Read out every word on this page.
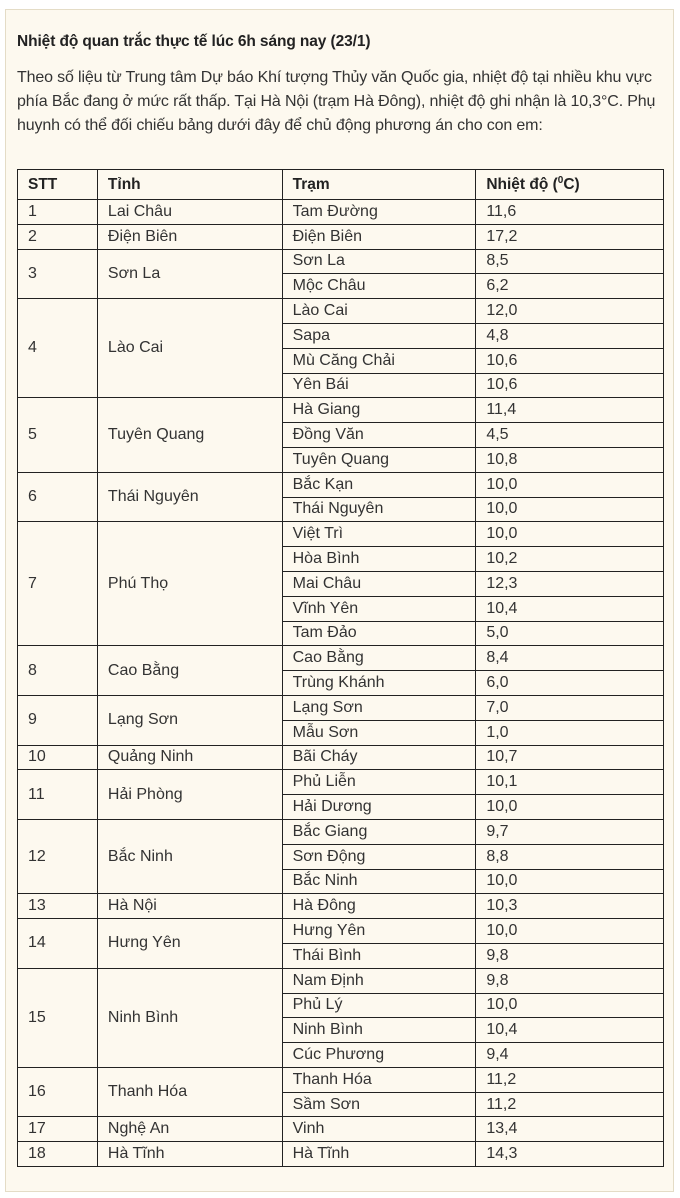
Nhiệt độ quan trắc thực tế lúc 6h sáng nay (23/1)
Theo số liệu từ Trung tâm Dự báo Khí tượng Thủy văn Quốc gia, nhiệt độ tại nhiều khu vực phía Bắc đang ở mức rất thấp. Tại Hà Nội (trạm Hà Đông), nhiệt độ ghi nhận là 10,3°C. Phụ huynh có thể đối chiếu bảng dưới đây để chủ động phương án cho con em:
STT	Tỉnh	Trạm	Nhiệt độ ($^0$C)
1	Lai Châu	Tam Đường	11,6
2	Điện Biên	Điện Biên	17,2
3	Sơn La	Sơn La	8,5
		Mộc Châu	6,2
4	Lào Cai	Lào Cai	12,0
		Sapa	4,8
		Mù Căng Chải	10,6
		Yên Bái	10,6
5	Tuyên Quang	Hà Giang	11,4
		Đồng Văn	4,5
		Tuyên Quang	10,8
6	Thái Nguyên	Bắc Kạn	10,0
		Thái Nguyên	10,0
7	Phú Thọ	Việt Trì	10,0
		Hòa Bình	10,2
		Mai Châu	12,3
		Vĩnh Yên	10,4
		Tam Đảo	5,0
8	Cao Bằng	Cao Bằng	8,4
		Trùng Khánh	6,0
9	Lạng Sơn	Lạng Sơn	7,0
		Mẫu Sơn	1,0
10	Quảng Ninh	Bãi Cháy	10,7
11	Hải Phòng	Phủ Liễn	10,1
		Hải Dương	10,0
12	Bắc Ninh	Bắc Giang	9,7
		Sơn Động	8,8
		Bắc Ninh	10,0
13	Hà Nội	Hà Đông	10,3
14	Hưng Yên	Hưng Yên	10,0
		Thái Bình	9,8
15	Ninh Bình	Nam Định	9,8
		Phủ Lý	10,0
		Ninh Bình	10,4
		Cúc Phương	9,4
16	Thanh Hóa	Thanh Hóa	11,2
		Sầm Sơn	11,2
17	Nghệ An	Vinh	13,4
18	Hà Tĩnh	Hà Tĩnh	14,3
